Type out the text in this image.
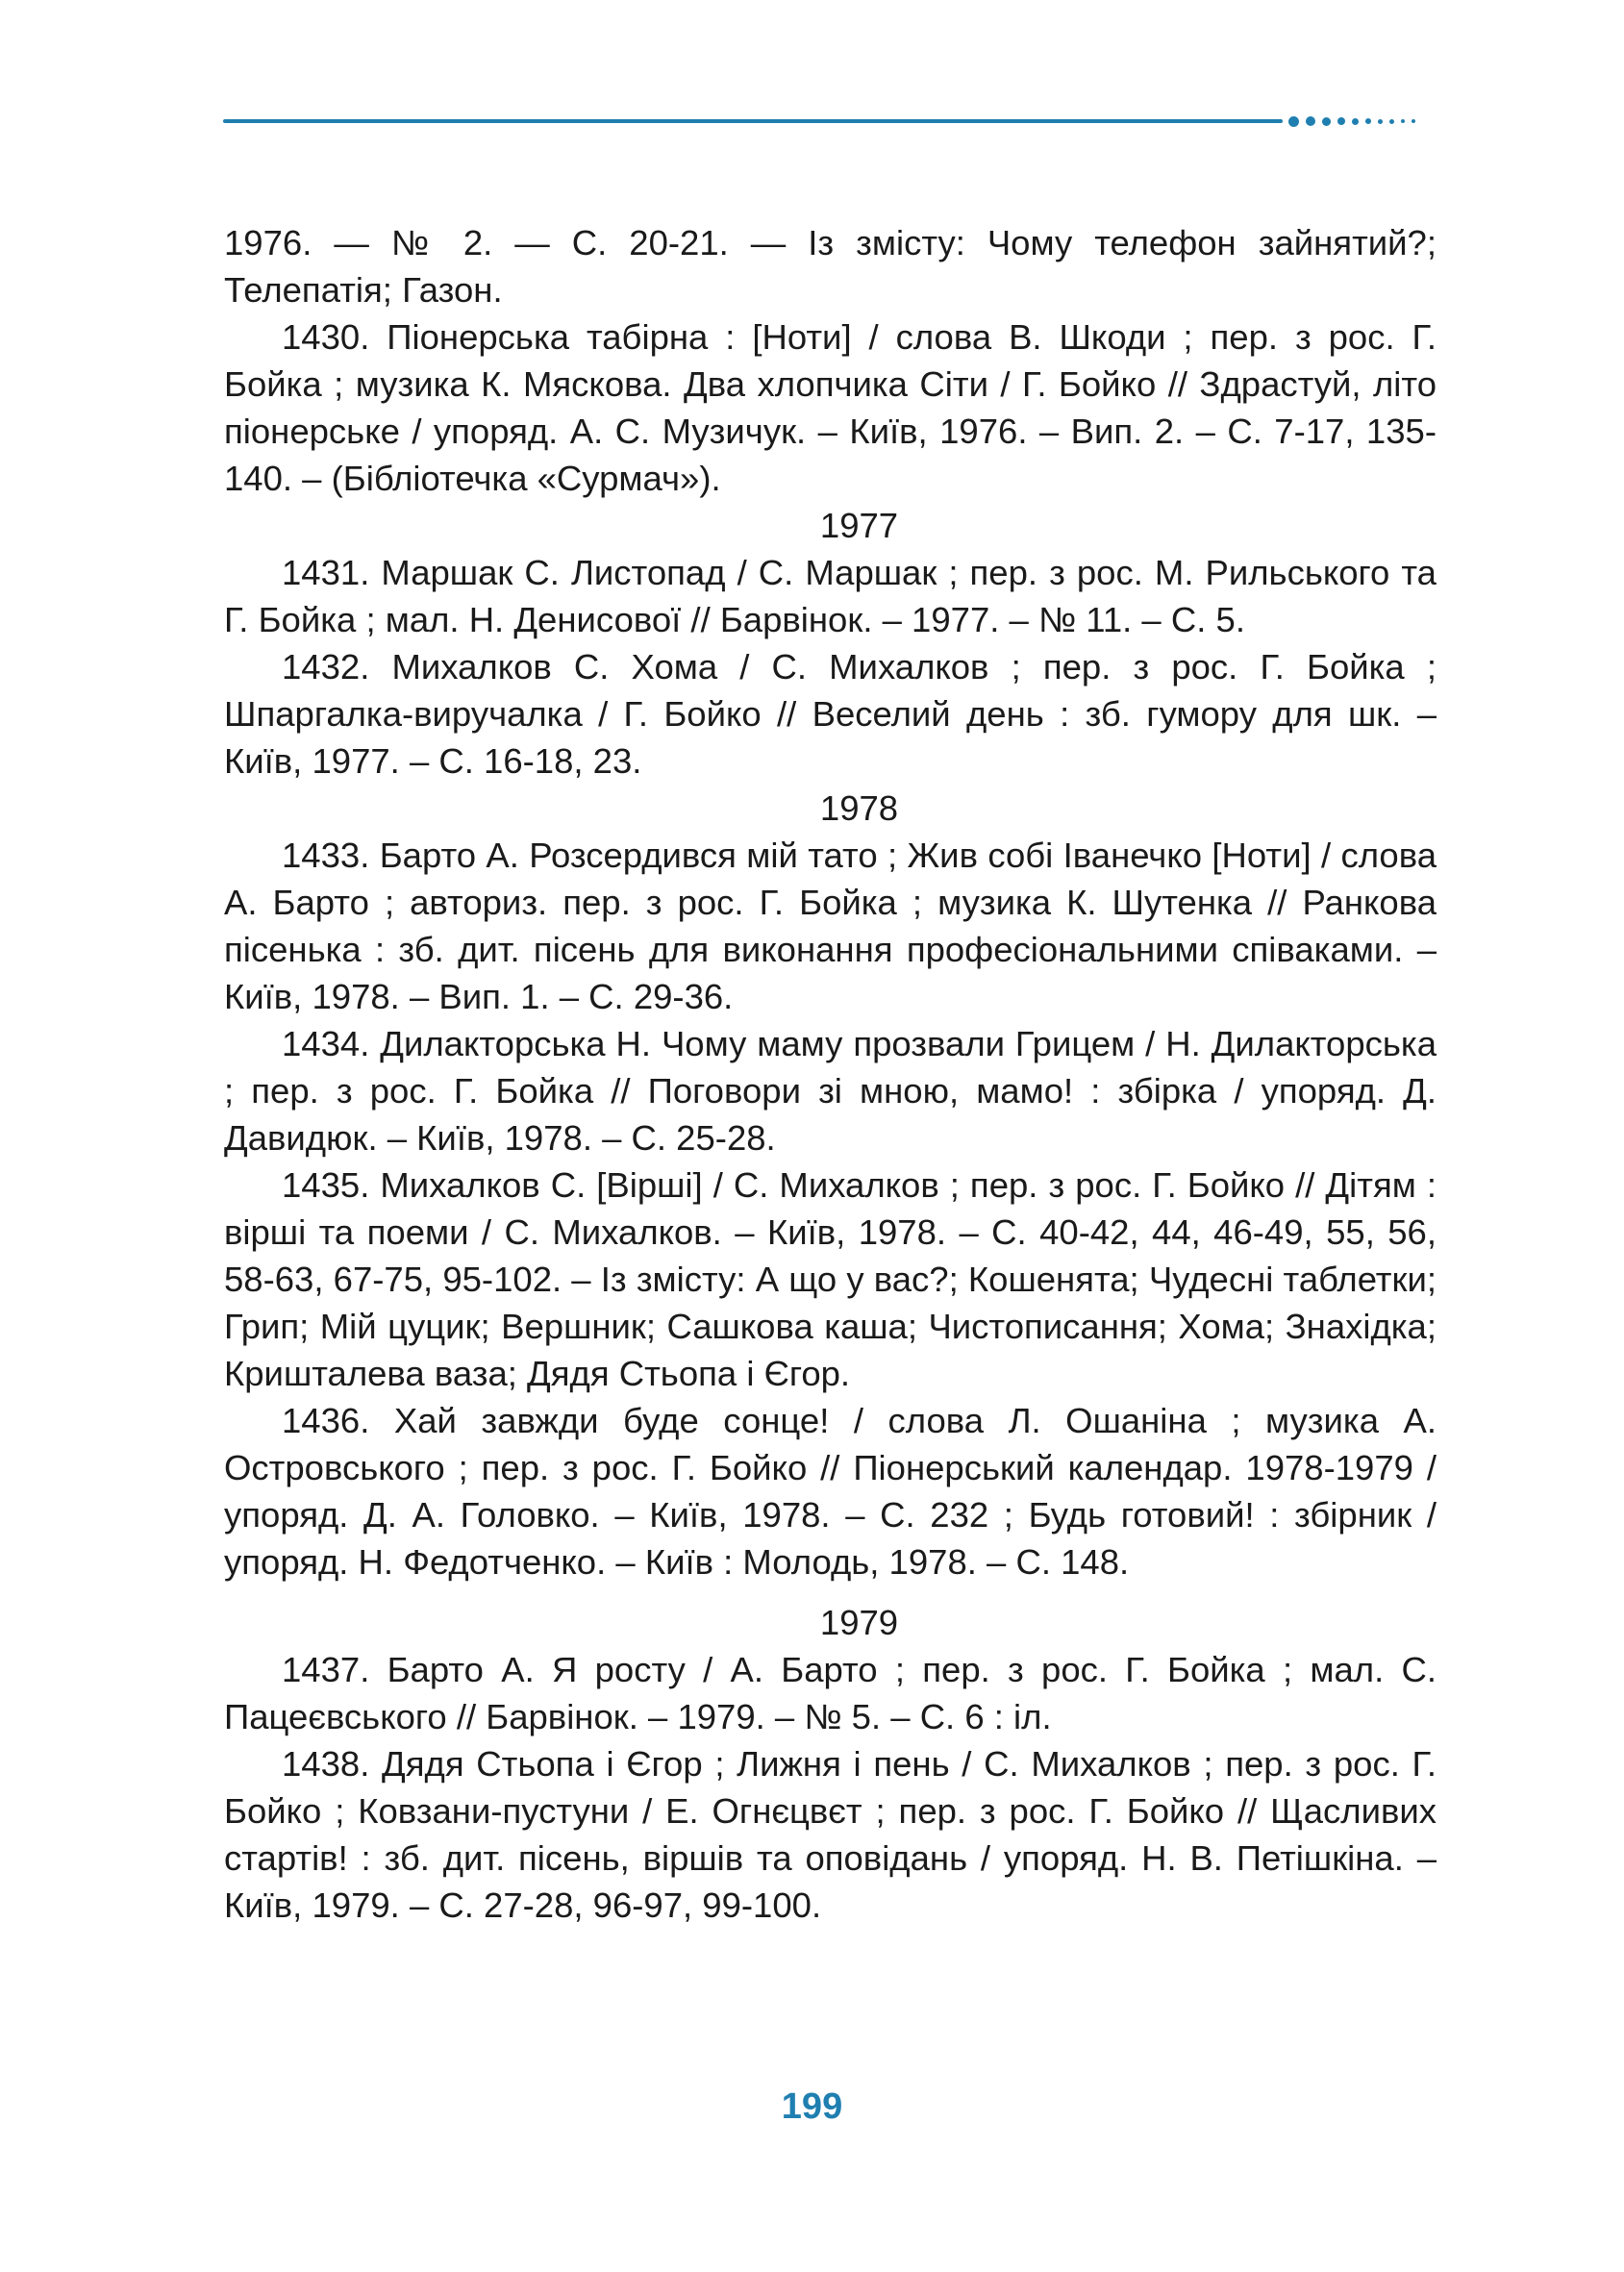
1976. — № 2. — С. 20-21. — Із змісту: Чому телефон зайнятий?; Телепатія; Газон.

1430. Піонерська табірна : [Ноти] / слова В. Шкоди ; пер. з рос. Г. Бойка ; музика К. Мяскова. Два хлопчика Сіти / Г. Бойко // Здрастуй, літо піонерське / упоряд. А. С. Музичук. – Київ, 1976. – Вип. 2. – С. 7-17, 135-140. – (Бібліотечка «Сурмач»).

1977

1431. Маршак С. Листопад / С. Маршак ; пер. з рос. М. Рильського та Г. Бойка ; мал. Н. Денисової // Барвінок. – 1977. – № 11. – С. 5.

1432. Михалков С. Хома / С. Михалков ; пер. з рос. Г. Бойка ; Шпаргалка-виручалка / Г. Бойко // Веселий день : зб. гумору для шк. – Київ, 1977. – С. 16-18, 23.

1978

1433. Барто А. Розсердився мій тато ; Жив собі Іванечко [Ноти] / слова А. Барто ; авториз. пер. з рос. Г. Бойка ; музика К. Шутенка // Ранкова пісенька : зб. дит. пісень для виконання професіональними співаками. – Київ, 1978. – Вип. 1. – С. 29-36.

1434. Дилакторська Н. Чому маму прозвали Грицем / Н. Дилакторська ; пер. з рос. Г. Бойка // Поговори зі мною, мамо! : збірка / упоряд. Д. Давидюк. – Київ, 1978. – С. 25-28.

1435. Михалков С. [Вірші] / С. Михалков ; пер. з рос. Г. Бойко // Дітям : вірші та поеми / С. Михалков. – Київ, 1978. – С. 40-42, 44, 46-49, 55, 56, 58-63, 67-75, 95-102. – Із змісту: А що у вас?; Кошенята; Чудесні таблетки; Грип; Мій цуцик; Вершник; Сашкова каша; Чистописання; Хома; Знахідка; Кришталева ваза; Дядя Стьопа і Єгор.

1436. Хай завжди буде сонце! / слова Л. Ошаніна ; музика А. Островського ; пер. з рос. Г. Бойко // Піонерський календар. 1978-1979 / упоряд. Д. А. Головко. – Київ, 1978. – С. 232 ; Будь готовий! : збірник / упоряд. Н. Федотченко. – Київ : Молодь, 1978. – С. 148.

1979

1437. Барто А. Я росту / А. Барто ; пер. з рос. Г. Бойка ; мал. С. Пацеєвського // Барвінок. – 1979. – № 5. – С. 6 : іл.

1438. Дядя Стьопа і Єгор ; Лижня і пень / С. Михалков ; пер. з рос. Г. Бойко ; Ковзани-пустуни / Е. Огнєцвєт ; пер. з рос. Г. Бойко // Щасливих стартів! : зб. дит. пісень, віршів та оповідань / упоряд. Н. В. Петішкіна. – Київ, 1979. – С. 27-28, 96-97, 99-100.

199
